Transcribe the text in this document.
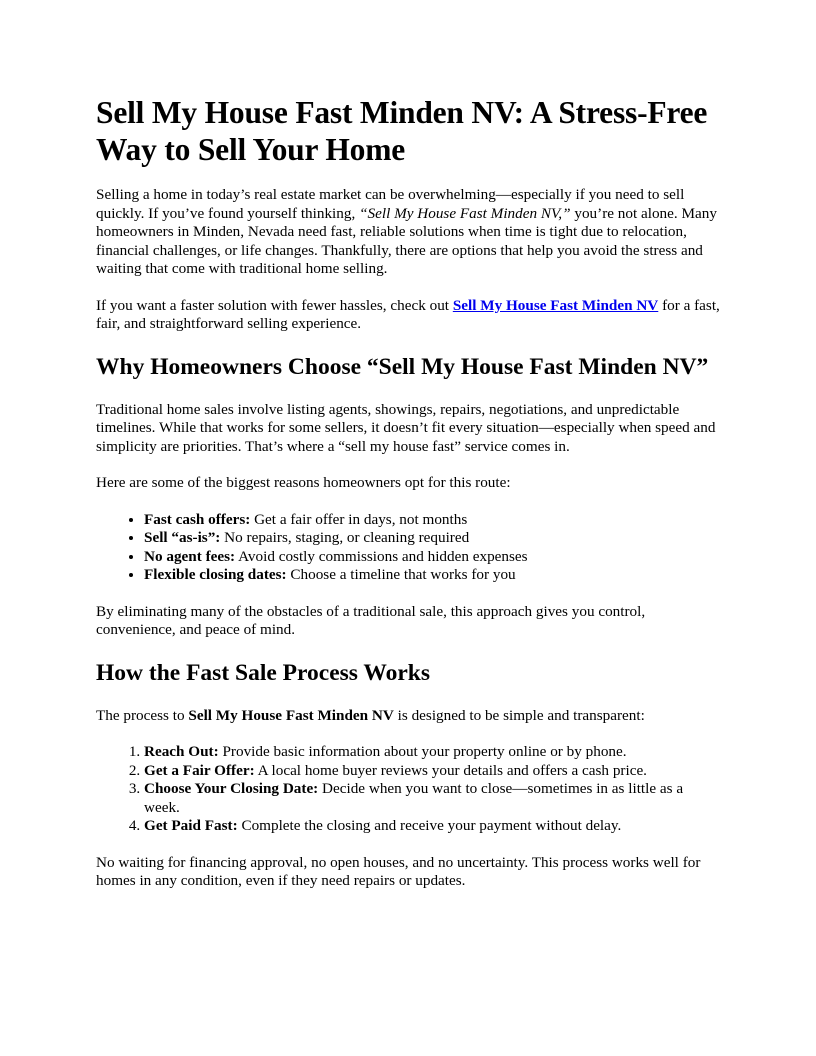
Sell My House Fast Minden NV: A Stress-Free Way to Sell Your Home

Selling a home in today’s real estate market can be overwhelming—especially if you need to sell quickly. If you’ve found yourself thinking, “Sell My House Fast Minden NV,” you’re not alone. Many homeowners in Minden, Nevada need fast, reliable solutions when time is tight due to relocation, financial challenges, or life changes. Thankfully, there are options that help you avoid the stress and waiting that come with traditional home selling.

If you want a faster solution with fewer hassles, check out Sell My House Fast Minden NV for a fast, fair, and straightforward selling experience.

Why Homeowners Choose “Sell My House Fast Minden NV”

Traditional home sales involve listing agents, showings, repairs, negotiations, and unpredictable timelines. While that works for some sellers, it doesn’t fit every situation—especially when speed and simplicity are priorities. That’s where a “sell my house fast” service comes in.

Here are some of the biggest reasons homeowners opt for this route:

• Fast cash offers: Get a fair offer in days, not months
• Sell “as-is”: No repairs, staging, or cleaning required
• No agent fees: Avoid costly commissions and hidden expenses
• Flexible closing dates: Choose a timeline that works for you

By eliminating many of the obstacles of a traditional sale, this approach gives you control, convenience, and peace of mind.

How the Fast Sale Process Works

The process to Sell My House Fast Minden NV is designed to be simple and transparent:

1. Reach Out: Provide basic information about your property online or by phone.
2. Get a Fair Offer: A local home buyer reviews your details and offers a cash price.
3. Choose Your Closing Date: Decide when you want to close—sometimes in as little as a week.
4. Get Paid Fast: Complete the closing and receive your payment without delay.

No waiting for financing approval, no open houses, and no uncertainty. This process works well for homes in any condition, even if they need repairs or updates.
